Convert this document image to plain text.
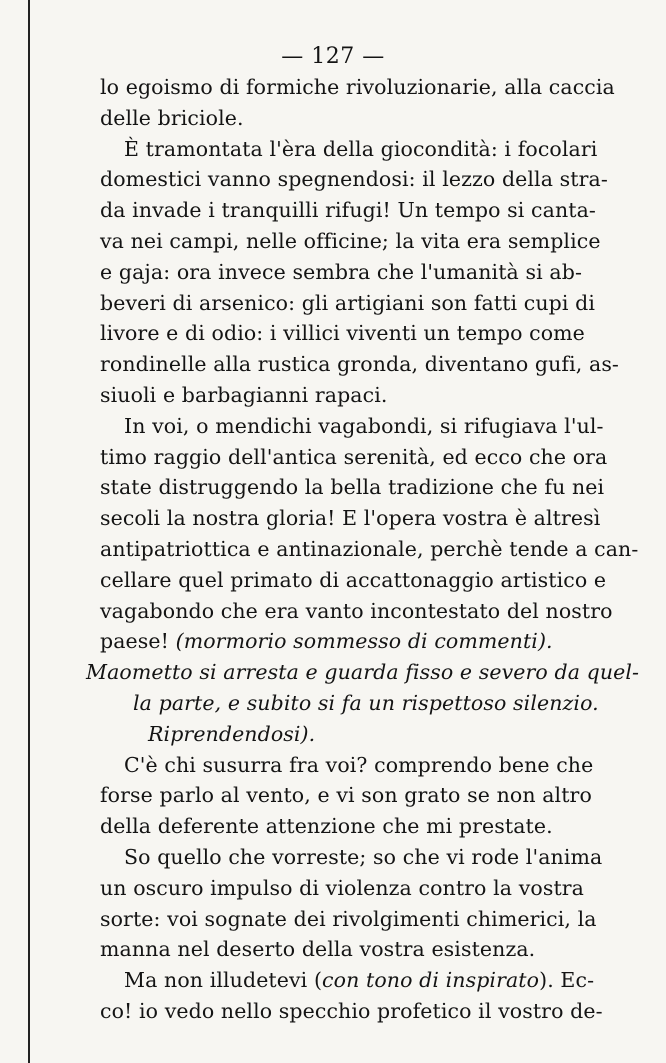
— 127 —
lo egoismo di formiche rivoluzionarie, alla caccia
delle briciole.
È tramontata l'èra della giocondità: i focolari
domestici vanno spegnendosi: il lezzo della stra-
da invade i tranquilli rifugi! Un tempo si canta-
va nei campi, nelle officine; la vita era semplice
e gaja: ora invece sembra che l'umanità si ab-
beveri di arsenico: gli artigiani son fatti cupi di
livore e di odio: i villici viventi un tempo come
rondinelle alla rustica gronda, diventano gufi, as-
siuoli e barbagianni rapaci.
In voi, o mendichi vagabondi, si rifugiava l'ul-
timo raggio dell'antica serenità, ed ecco che ora
state distruggendo la bella tradizione che fu nei
secoli la nostra gloria! E l'opera vostra è altresì
antipatriottica e antinazionale, perchè tende a can-
cellare quel primato di accattonaggio artistico e
vagabondo che era vanto incontestato del nostro
paese! (mormorio sommesso di commenti).
Maometto si arresta e guarda fisso e severo da quel-
la parte, e subito si fa un rispettoso silenzio.
Riprendendosi).
C'è chi susurra fra voi? comprendo bene che
forse parlo al vento, e vi son grato se non altro
della deferente attenzione che mi prestate.
So quello che vorreste; so che vi rode l'anima
un oscuro impulso di violenza contro la vostra
sorte: voi sognate dei rivolgimenti chimerici, la
manna nel deserto della vostra esistenza.
Ma non illudetevi (con tono di inspirato). Ec-
co! io vedo nello specchio profetico il vostro de-
